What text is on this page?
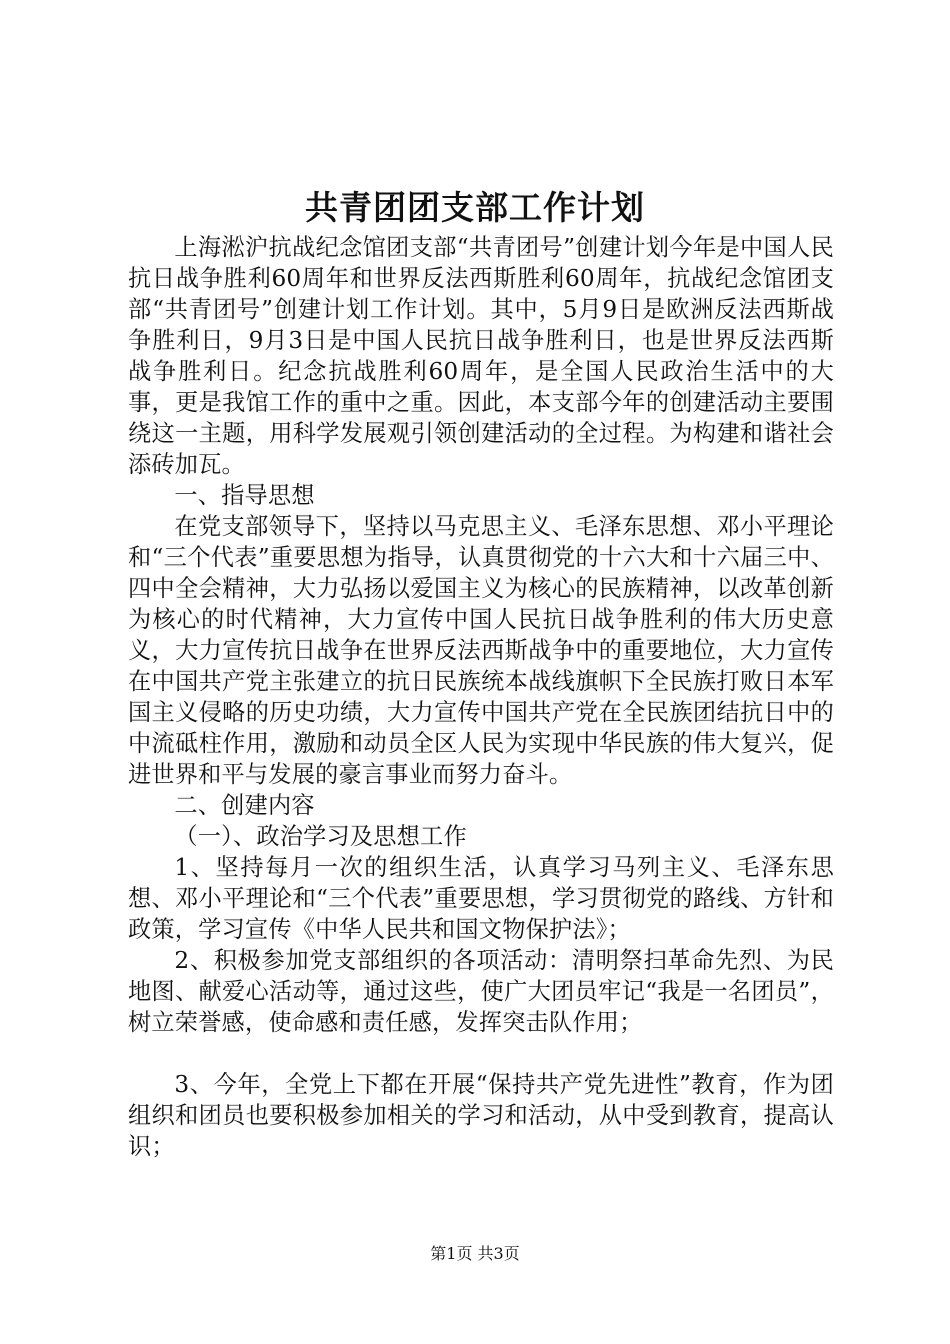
共青团团支部工作计划

上海淞沪抗战纪念馆团支部“共青团号”创建计划今年是中国人民抗日战争胜利60周年和世界反法西斯胜利60周年，抗战纪念馆团支部“共青团号”创建计划工作计划。其中，5月9日是欧洲反法西斯战争胜利日，9月3日是中国人民抗日战争胜利日，也是世界反法西斯战争胜利日。纪念抗战胜利60周年，是全国人民政治生活中的大事，更是我馆工作的重中之重。因此，本支部今年的创建活动主要围绕这一主题，用科学发展观引领创建活动的全过程。为构建和谐社会添砖加瓦。

一、指导思想

在党支部领导下，坚持以马克思主义、毛泽东思想、邓小平理论和“三个代表”重要思想为指导，认真贯彻党的十六大和十六届三中、四中全会精神，大力弘扬以爱国主义为核心的民族精神，以改革创新为核心的时代精神，大力宣传中国人民抗日战争胜利的伟大历史意义，大力宣传抗日战争在世界反法西斯战争中的重要地位，大力宣传在中国共产党主张建立的抗日民族统本战线旗帜下全民族打败日本军国主义侵略的历史功绩，大力宣传中国共产党在全民族团结抗日中的中流砥柱作用，激励和动员全区人民为实现中华民族的伟大复兴，促进世界和平与发展的豪言事业而努力奋斗。

二、创建内容

（一）、政治学习及思想工作

1、坚持每月一次的组织生活，认真学习马列主义、毛泽东思想、邓小平理论和“三个代表”重要思想，学习贯彻党的路线、方针和政策，学习宣传《中华人民共和国文物保护法》；

2、积极参加党支部组织的各项活动：清明祭扫革命先烈、为民地图、献爱心活动等，通过这些，使广大团员牢记“我是一名团员”，树立荣誉感，使命感和责任感，发挥突击队作用；

3、今年，全党上下都在开展“保持共产党先进性”教育，作为团组织和团员也要积极参加相关的学习和活动，从中受到教育，提高认识；

第1页 共3页
